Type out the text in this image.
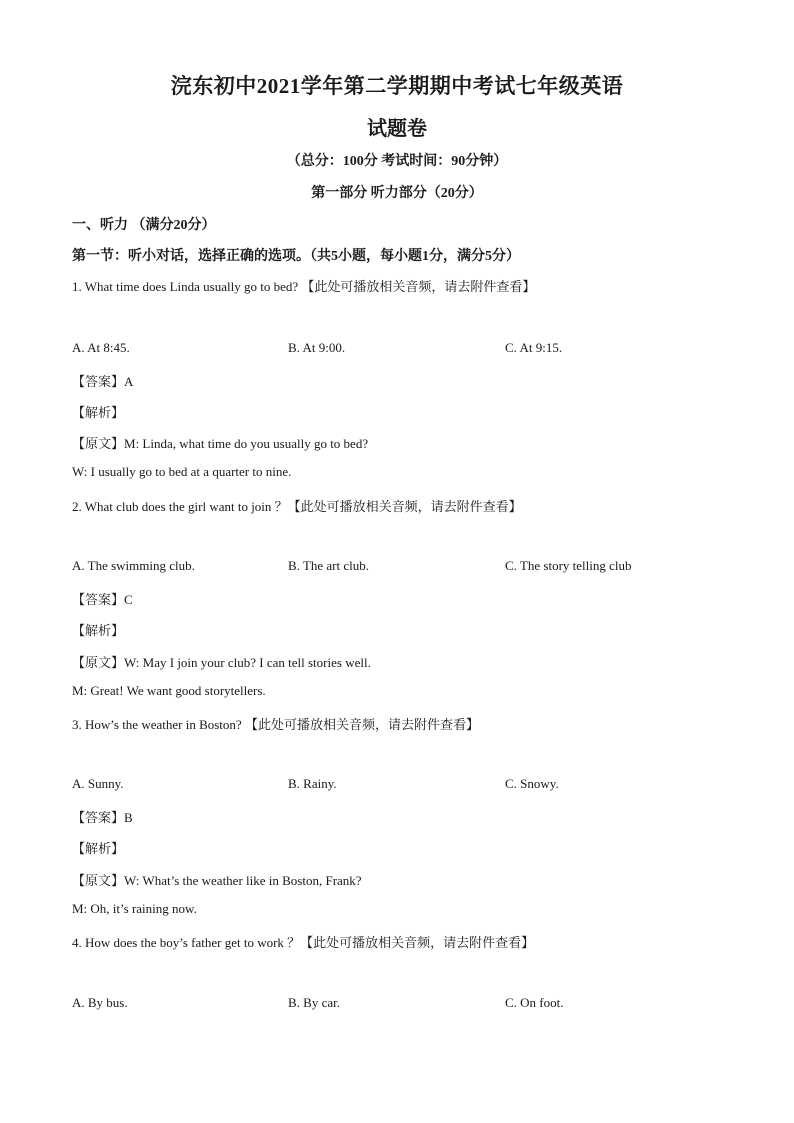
浣东初中2021学年第二学期期中考试七年级英语
试题卷
（总分：100分 考试时间：90分钟）
第一部分 听力部分（20分）
一、听力 （满分20分）
第一节：听小对话，选择正确的选项。（共5小题，每小题1分，满分5分）
1. What time does Linda usually go to bed? 【此处可播放相关音频，请去附件查看】
A. At 8:45.	B. At 9:00.	C. At 9:15.
【答案】A
【解析】
【原文】M: Linda, what time do you usually go to bed?
W: I usually go to bed at a quarter to nine.
2. What club does the girl want to join ？【此处可播放相关音频，请去附件查看】
A. The swimming club.	B. The art club.	C. The story telling club
【答案】C
【解析】
【原文】W: May I join your club? I can tell stories well.
M: Great! We want good storytellers.
3. How’s the weather in Boston? 【此处可播放相关音频，请去附件查看】
A. Sunny.	B. Rainy.	C. Snowy.
【答案】B
【解析】
【原文】W: What’s the weather like in Boston, Frank?
M: Oh, it’s raining now.
4. How does the boy’s father get to work ？【此处可播放相关音频，请去附件查看】
A. By bus.	B. By car.	C. On foot.
